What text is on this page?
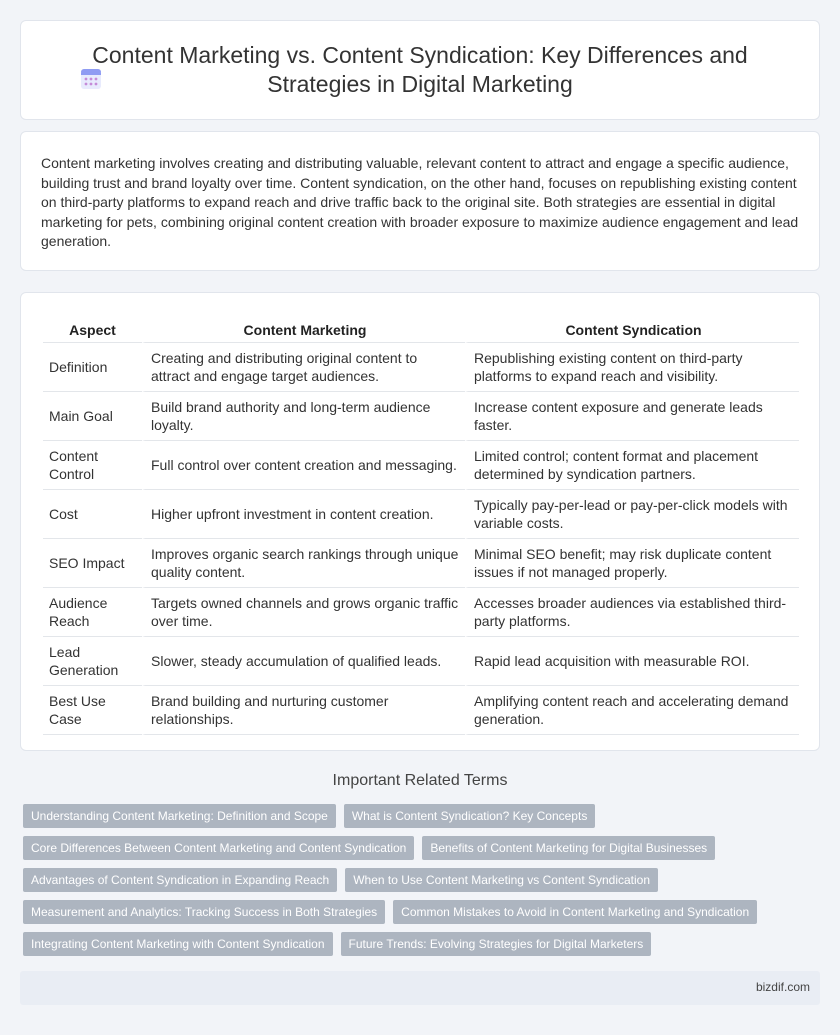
Content Marketing vs. Content Syndication: Key Differences and Strategies in Digital Marketing

Content marketing involves creating and distributing valuable, relevant content to attract and engage a specific audience, building trust and brand loyalty over time. Content syndication, on the other hand, focuses on republishing existing content on third-party platforms to expand reach and drive traffic back to the original site. Both strategies are essential in digital marketing for pets, combining original content creation with broader exposure to maximize audience engagement and lead generation.

Aspect	Content Marketing	Content Syndication
Definition	Creating and distributing original content to attract and engage target audiences.	Republishing existing content on third-party platforms to expand reach and visibility.
Main Goal	Build brand authority and long-term audience loyalty.	Increase content exposure and generate leads faster.
Content Control	Full control over content creation and messaging.	Limited control; content format and placement determined by syndication partners.
Cost	Higher upfront investment in content creation.	Typically pay-per-lead or pay-per-click models with variable costs.
SEO Impact	Improves organic search rankings through unique quality content.	Minimal SEO benefit; may risk duplicate content issues if not managed properly.
Audience Reach	Targets owned channels and grows organic traffic over time.	Accesses broader audiences via established third-party platforms.
Lead Generation	Slower, steady accumulation of qualified leads.	Rapid lead acquisition with measurable ROI.
Best Use Case	Brand building and nurturing customer relationships.	Amplifying content reach and accelerating demand generation.
Important Related Terms
Understanding Content Marketing: Definition and Scope	What is Content Syndication? Key Concepts
Core Differences Between Content Marketing and Content Syndication	Benefits of Content Marketing for Digital Businesses
Advantages of Content Syndication in Expanding Reach	When to Use Content Marketing vs Content Syndication
Measurement and Analytics: Tracking Success in Both Strategies	Common Mistakes to Avoid in Content Marketing and Syndication
Integrating Content Marketing with Content Syndication	Future Trends: Evolving Strategies for Digital Marketers
bizdif.com
